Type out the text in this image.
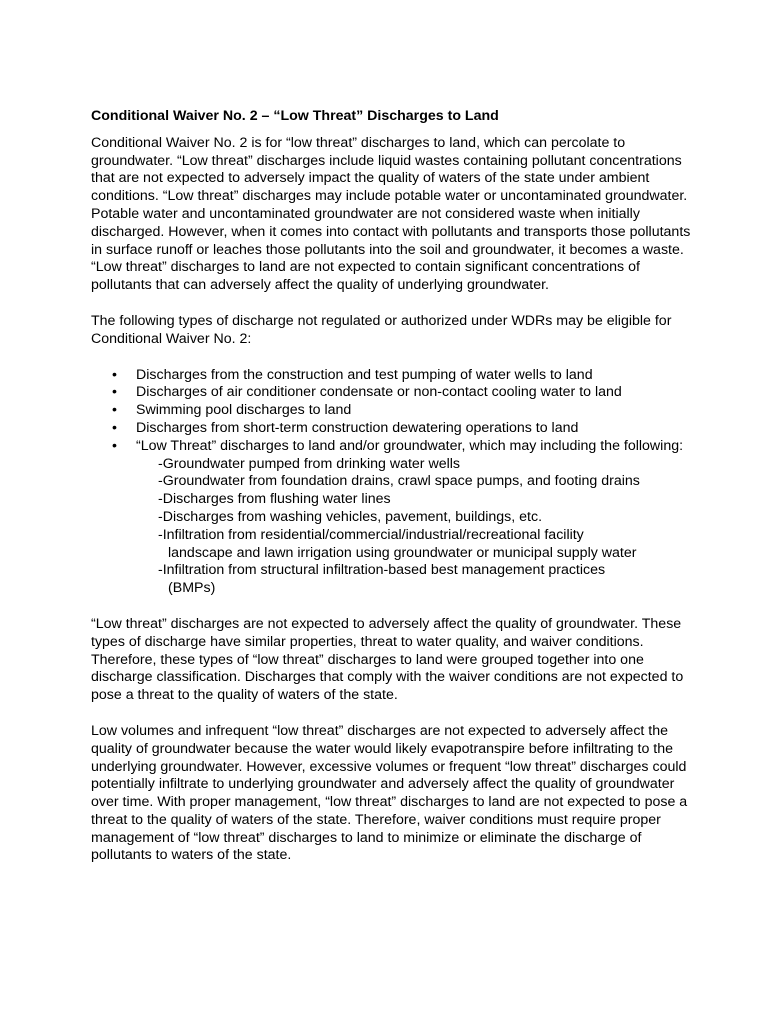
Conditional Waiver No. 2 – “Low Threat” Discharges to Land

Conditional Waiver No. 2 is for “low threat” discharges to land, which can percolate to groundwater. “Low threat” discharges include liquid wastes containing pollutant concentrations that are not expected to adversely impact the quality of waters of the state under ambient conditions. “Low threat” discharges may include potable water or uncontaminated groundwater. Potable water and uncontaminated groundwater are not considered waste when initially discharged. However, when it comes into contact with pollutants and transports those pollutants in surface runoff or leaches those pollutants into the soil and groundwater, it becomes a waste. “Low threat” discharges to land are not expected to contain significant concentrations of pollutants that can adversely affect the quality of underlying groundwater.

The following types of discharge not regulated or authorized under WDRs may be eligible for Conditional Waiver No. 2:

• Discharges from the construction and test pumping of water wells to land
• Discharges of air conditioner condensate or non-contact cooling water to land
• Swimming pool discharges to land
• Discharges from short-term construction dewatering operations to land
• “Low Threat” discharges to land and/or groundwater, which may including the following:
-Groundwater pumped from drinking water wells
-Groundwater from foundation drains, crawl space pumps, and footing drains
-Discharges from flushing water lines
-Discharges from washing vehicles, pavement, buildings, etc.
-Infiltration from residential/commercial/industrial/recreational facility
landscape and lawn irrigation using groundwater or municipal supply water
-Infiltration from structural infiltration-based best management practices
(BMPs)

“Low threat” discharges are not expected to adversely affect the quality of groundwater. These types of discharge have similar properties, threat to water quality, and waiver conditions. Therefore, these types of “low threat” discharges to land were grouped together into one discharge classification. Discharges that comply with the waiver conditions are not expected to pose a threat to the quality of waters of the state.

Low volumes and infrequent “low threat” discharges are not expected to adversely affect the quality of groundwater because the water would likely evapotranspire before infiltrating to the underlying groundwater. However, excessive volumes or frequent “low threat” discharges could potentially infiltrate to underlying groundwater and adversely affect the quality of groundwater over time. With proper management, “low threat” discharges to land are not expected to pose a threat to the quality of waters of the state. Therefore, waiver conditions must require proper management of “low threat” discharges to land to minimize or eliminate the discharge of pollutants to waters of the state.
